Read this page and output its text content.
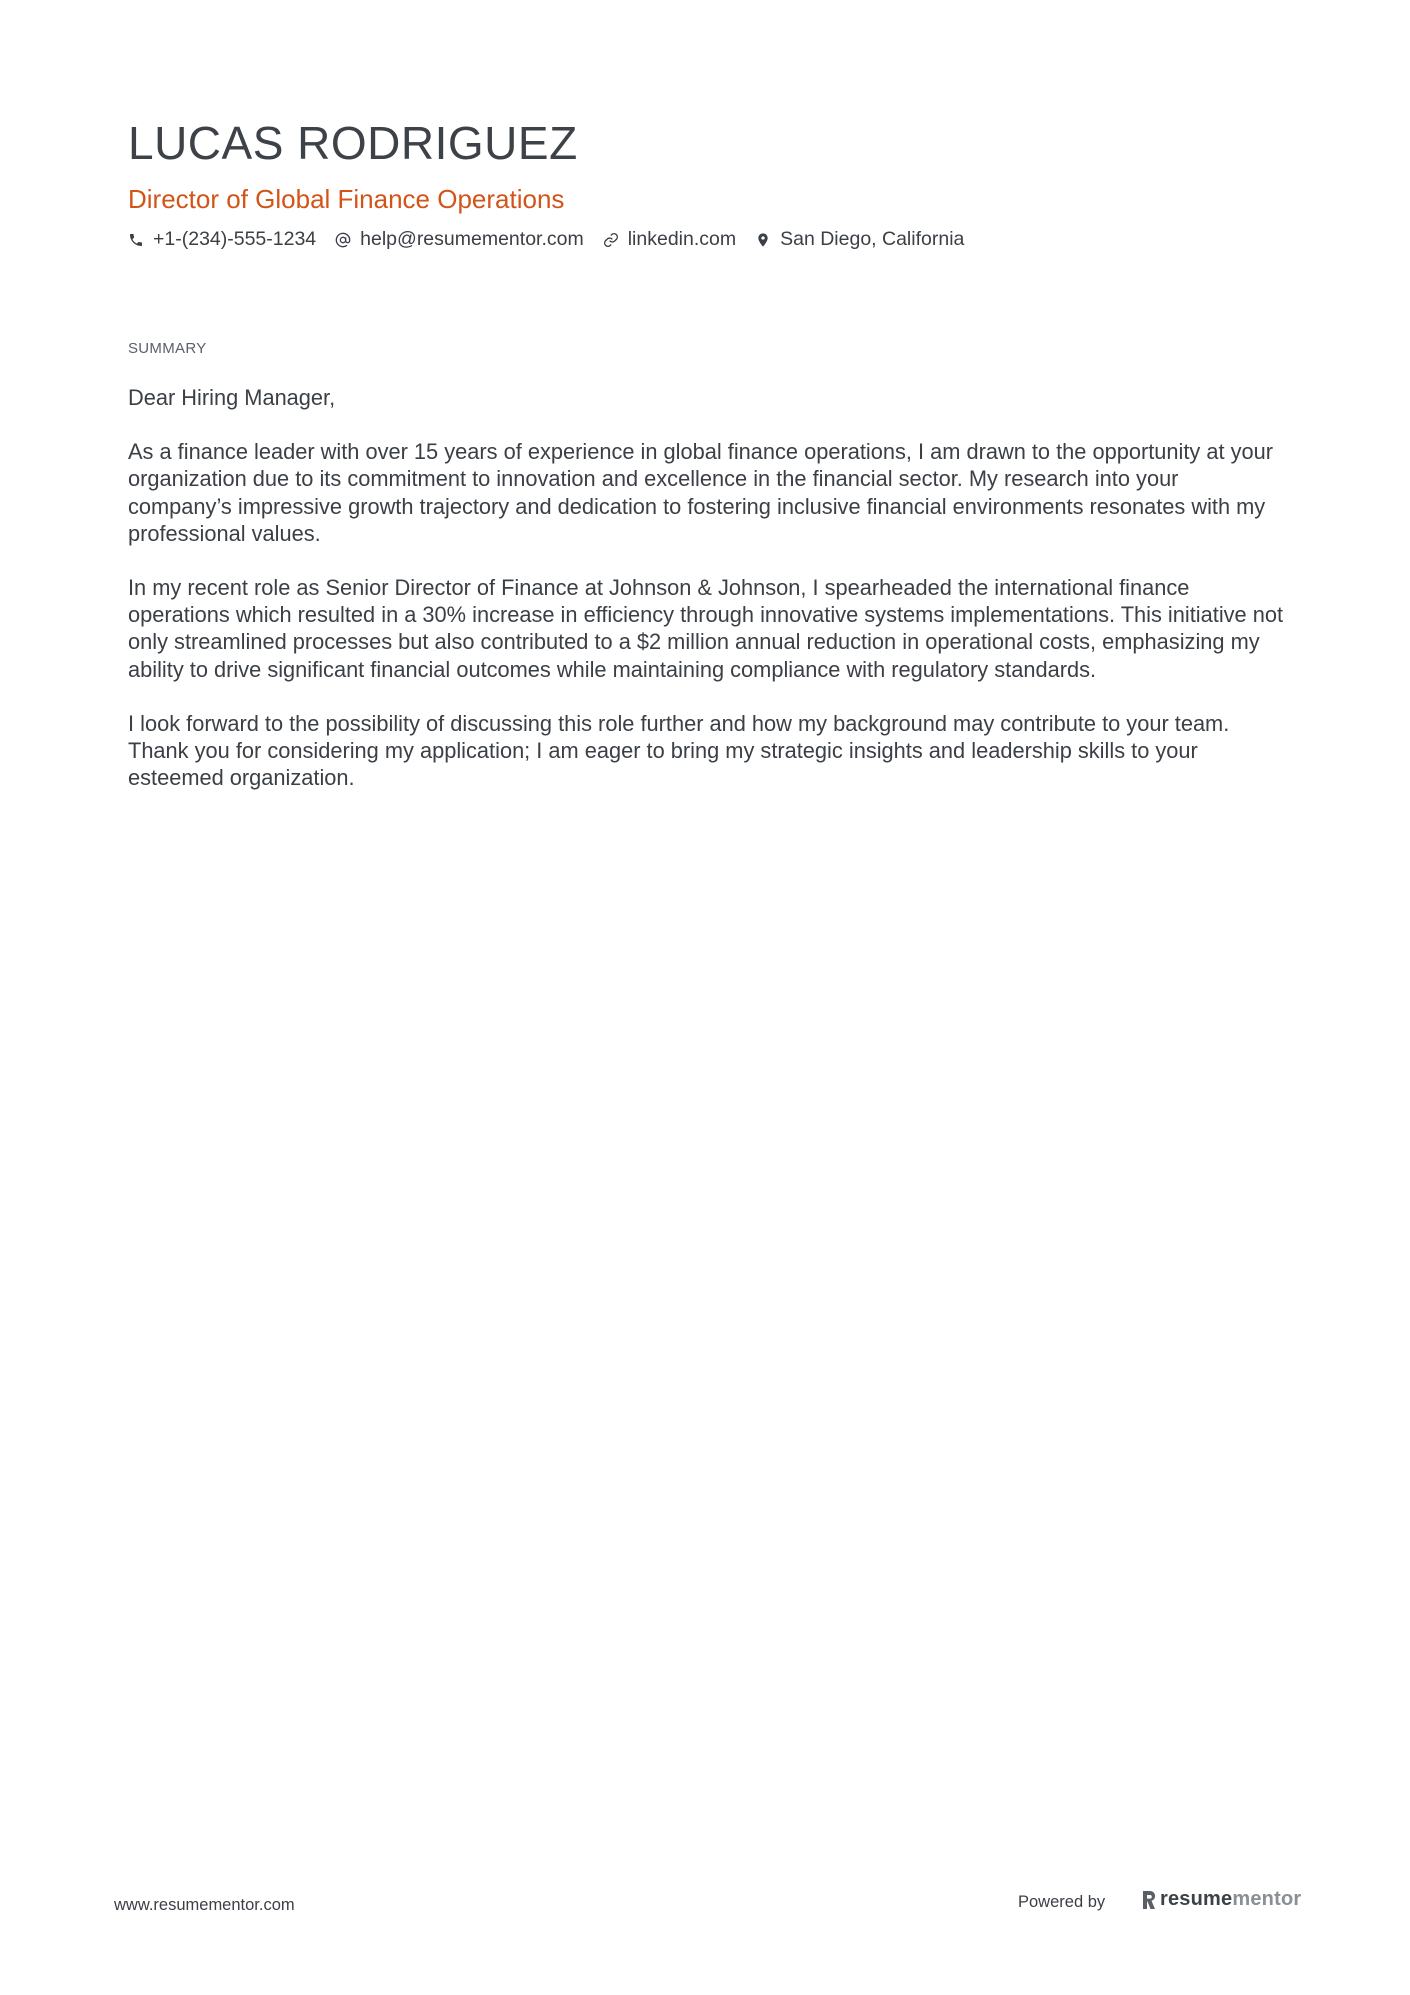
LUCAS RODRIGUEZ
Director of Global Finance Operations
+1-(234)-555-1234 help@resumementor.com linkedin.com San Diego, California
SUMMARY

Dear Hiring Manager,

As a finance leader with over 15 years of experience in global finance operations, I am drawn to the opportunity at your organization due to its commitment to innovation and excellence in the financial sector. My research into your company’s impressive growth trajectory and dedication to fostering inclusive financial environments resonates with my professional values.

In my recent role as Senior Director of Finance at Johnson & Johnson, I spearheaded the international finance operations which resulted in a 30% increase in efficiency through innovative systems implementations. This initiative not only streamlined processes but also contributed to a $2 million annual reduction in operational costs, emphasizing my ability to drive significant financial outcomes while maintaining compliance with regulatory standards.

I look forward to the possibility of discussing this role further and how my background may contribute to your team. Thank you for considering my application; I am eager to bring my strategic insights and leadership skills to your esteemed organization.

www.resumementor.com	Powered by	resumementor
